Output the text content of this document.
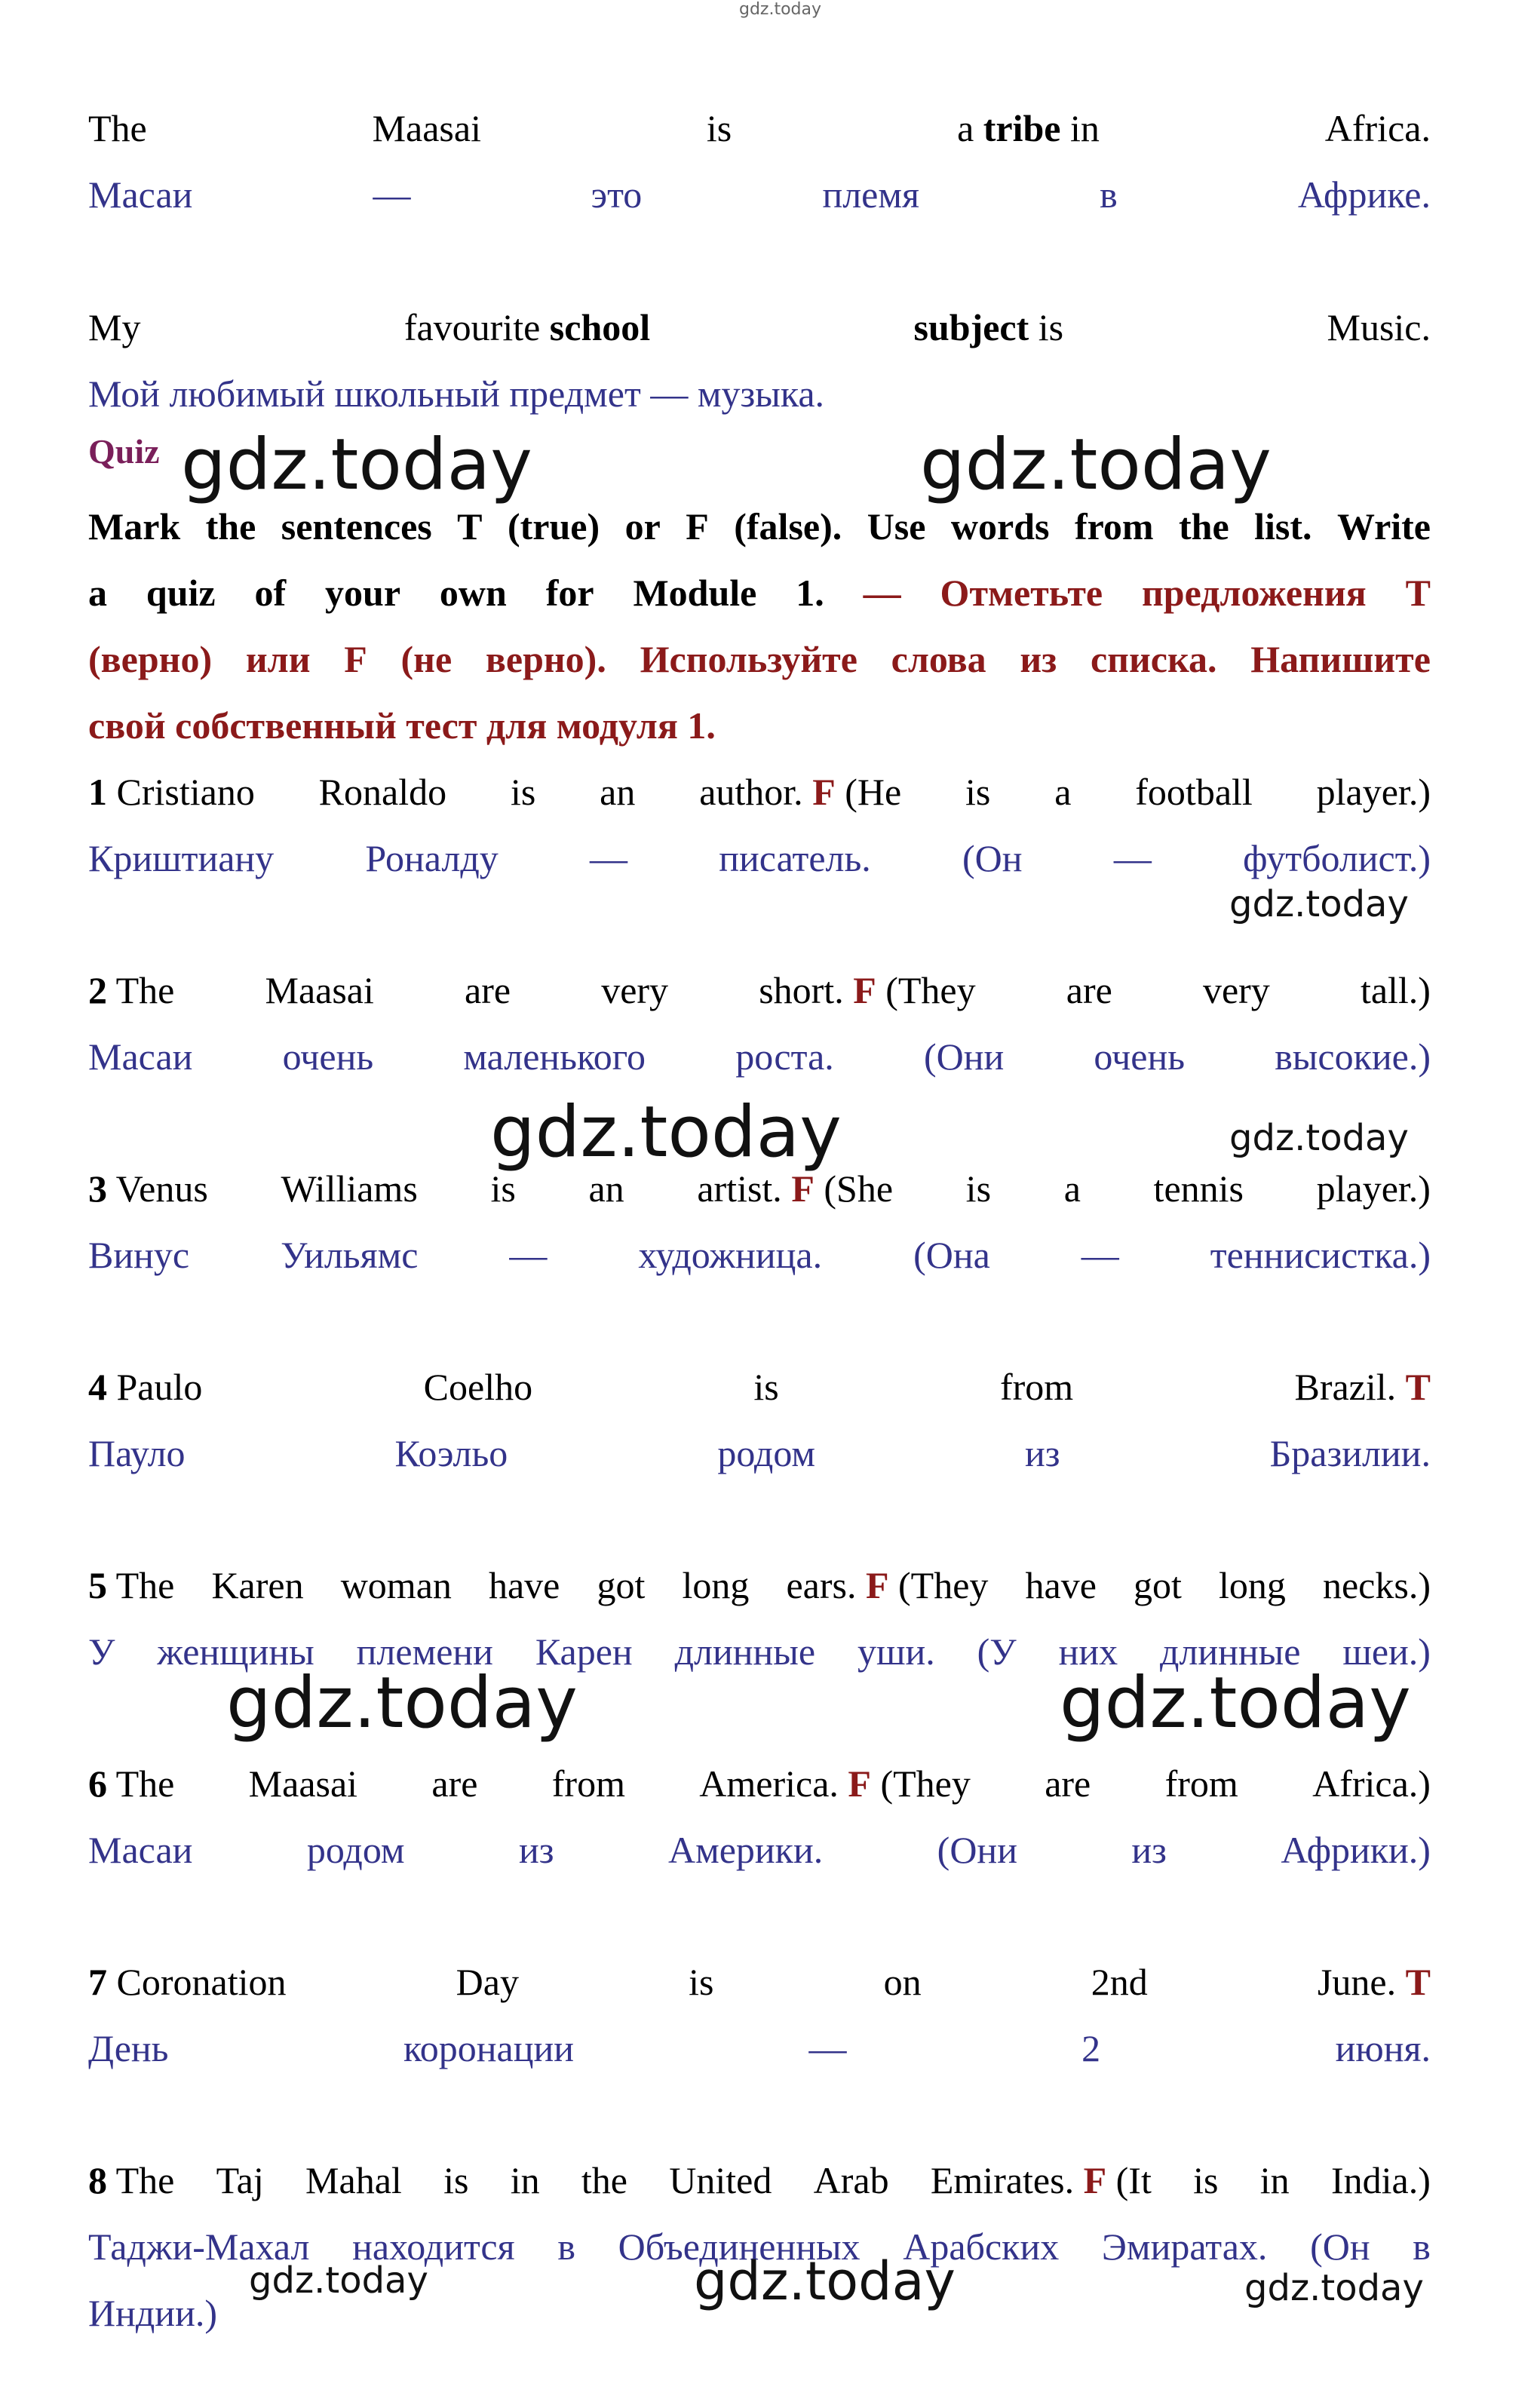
gdz.today
The	Maasai	is	a tribe in	Africa.
Масаи	—	это	племя	в	Африке.
My	favourite school	subject is	Music.
Мой любимый школьный предмет — музыка.
Quiz
Mark the sentences T (true) or F (false). Use words from the list. Write
a quiz of your own for Module 1. — Отметьте предложения T
(верно) или F (не верно). Используйте слова из списка. Напишите
свой собственный тест для модуля 1.
1 Cristiano Ronaldo is an author. F (He is a football player.)
Криштиану Роналду — писатель. (Он — футболист.)
2 The Maasai are very short. F (They are very tall.)
Масаи очень маленького роста. (Они очень высокие.)
3 Venus Williams is an artist. F (She is a tennis player.)
Винус Уильямс — художница. (Она — теннисистка.)
4 Paulo	Coelho	is	from	Brazil. T
Пауло	Коэльо	родом	из	Бразилии.
5 The Karen woman have got long ears. F (They have got long necks.)
У женщины племени Карен длинные уши. (У них длинные шеи.)
6 The Maasai are from America. F (They are from Africa.)
Масаи	родом	из	Америки.	(Они	из	Африки.)
7 Coronation	Day	is	on	2nd	June. T
День	коронации	—	2	июня.
8 The Taj Mahal is in the United Arab Emirates. F (It is in India.)
Таджи-Махал находится в Объединенных Арабских Эмиратах. (Он в
Индии.)
gdz.today	gdz.today
gdz.today
gdz.today	gdz.today
gdz.today	gdz.today
gdz.today	gdz.today	gdz.today
